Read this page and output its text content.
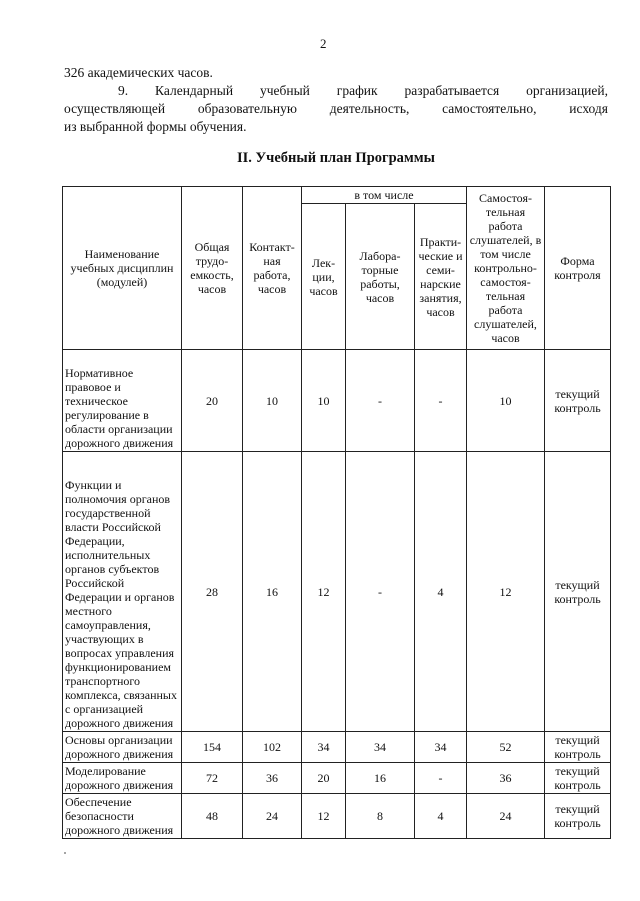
2
326 академических часов.
9. Календарный учебный график разрабатывается организацией,
осуществляющей образовательную деятельность, самостоятельно, исходя
из выбранной формы обучения.
II. Учебный план Программы
Наименование учебных дисциплин (модулей)	Общая трудо-емкость, часов	Контакт-ная работа, часов	в том числе			Самостоя-тельная работа слушателей, в том числе контрольно-самостоя-тельная работа слушателей, часов	Форма контроля
			Лек-ции, часов	Лабора-торные работы, часов	Практи-ческие и семи-нарские занятия, часов		
Нормативное правовое и техническое регулирование в области организации дорожного движения	20	10	10	-	-	10	текущий контроль
Функции и полномочия органов государственной власти Российской Федерации, исполнительных органов субъектов Российской Федерации и органов местного самоуправления, участвующих в вопросах управления функционированием транспортного комплекса, связанных с организацией дорожного движения	28	16	12	-	4	12	текущий контроль
Основы организации дорожного движения	154	102	34	34	34	52	текущий контроль
Моделирование дорожного движения	72	36	20	16	-	36	текущий контроль
Обеспечение безопасности дорожного движения	48	24	12	8	4	24	текущий контроль
